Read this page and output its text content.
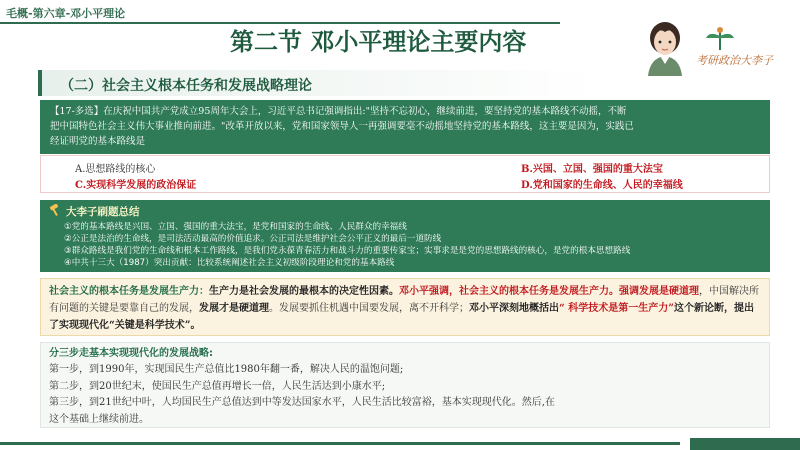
毛概-第六章-邓小平理论
第二节 邓小平理论主要内容
考研政治大李子
（二）社会主义根本任务和发展战略理论

【17-多选】在庆祝中国共产党成立95周年大会上，习近平总书记强调指出:"坚持不忘初心，继续前进，要坚持党的基本路线不动摇，不断

把中国特色社会主义伟大事业推向前进。"改革开放以来，党和国家领导人一再强调要毫不动摇地坚持党的基本路线，这主要是因为，实践已

经证明党的基本路线是

A.思想路线的核心	B.兴国、立国、强国的重大法宝
C.实现科学发展的政治保证	D.党和国家的生命线、人民的幸福线
大李子刷题总结
①党的基本路线是兴国、立国、强国的重大法宝，是党和国家的生命线、人民群众的幸福线
②公正是法治的生命线，是司法活动最高的价值追求。公正司法是维护社会公平正义的最后一道防线
③群众路线是我们党的生命线和根本工作路线，是我们党永葆青春活力和战斗力的重要传家宝；实事求是是党的思想路线的核心，是党的根本思想路线
④中共十三大（1987）突出贡献：比较系统阐述社会主义初级阶段理论和党的基本路线

社会主义的根本任务是发展生产力：生产力是社会发展的最根本的决定性因素。邓小平强调，社会主义的根本任务是发展生产力。强调发展是硬道理，中国解决所有问题的关键是要靠自己的发展，发展才是硬道理。发展要抓住机遇中国要发展，离不开科学；邓小平深刻地概括出“ 科学技术是第一生产力”这个新论断，提出了实现现代化“关键是科学技术”。

分三步走基本实现现代化的发展战略:
第一步，到1990年，实现国民生产总值比1980年翻一番，解决人民的温饱问题;
第二步，到20世纪末，使国民生产总值再增长一倍，人民生活达到小康水平;
第三步，到21世纪中叶，人均国民生产总值达到中等发达国家水平，人民生活比较富裕，基本实现现代化。然后,在
这个基础上继续前进。
